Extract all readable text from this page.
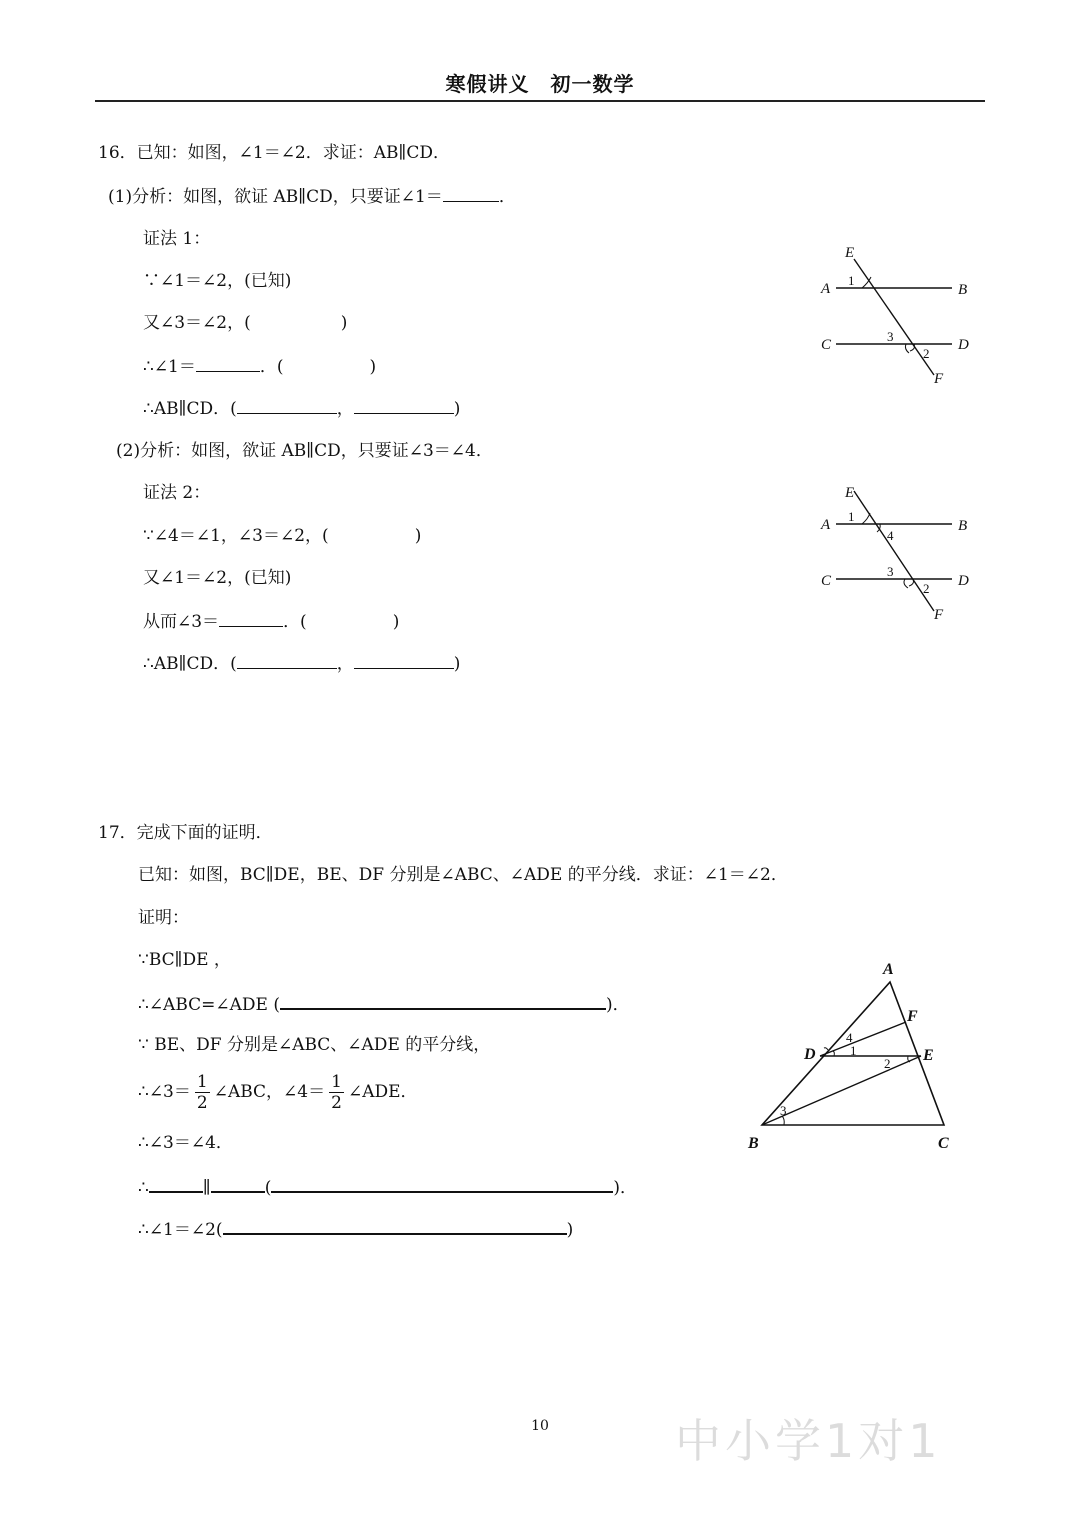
寒假讲义　初一数学
16．已知：如图，∠1＝∠2．求证：AB∥CD．
(1)分析：如图，欲证 AB∥CD，只要证∠1＝	．
证法 1：
∵∠1＝∠2，(已知)
又∠3＝∠2，(	)
∴∠1＝	．(	)
∴AB∥CD．(	，	)
(2)分析：如图，欲证 AB∥CD，只要证∠3＝∠4．
证法 2：
∵∠4＝∠1，∠3＝∠2，(	)
又∠1＝∠2，(已知)
从而∠3＝	．(	)
∴AB∥CD．(	，	)
E
A	B
C	D
F
1
3
2
E
A	B
C	D
F
1
4
3
2
17．完成下面的证明．
已知：如图，BC∥DE，BE、DF 分别是∠ABC、∠ADE 的平分线．求证：∠1＝∠2．
证明：
∵BC∥DE ，
∴∠ABC=∠ADE (	)．
∵ BE、DF 分别是∠ABC、∠ADE 的平分线，
∴∠3＝ $\frac{1}{2}$ ∠ABC，∠4＝ $\frac{1}{2}$ ∠ADE．
∴∠3＝∠4．
∴	∥	(	)．
∴∠1＝∠2(	)
A
F
D	E
B	C
4
1
2
3
10	中小学1对1
